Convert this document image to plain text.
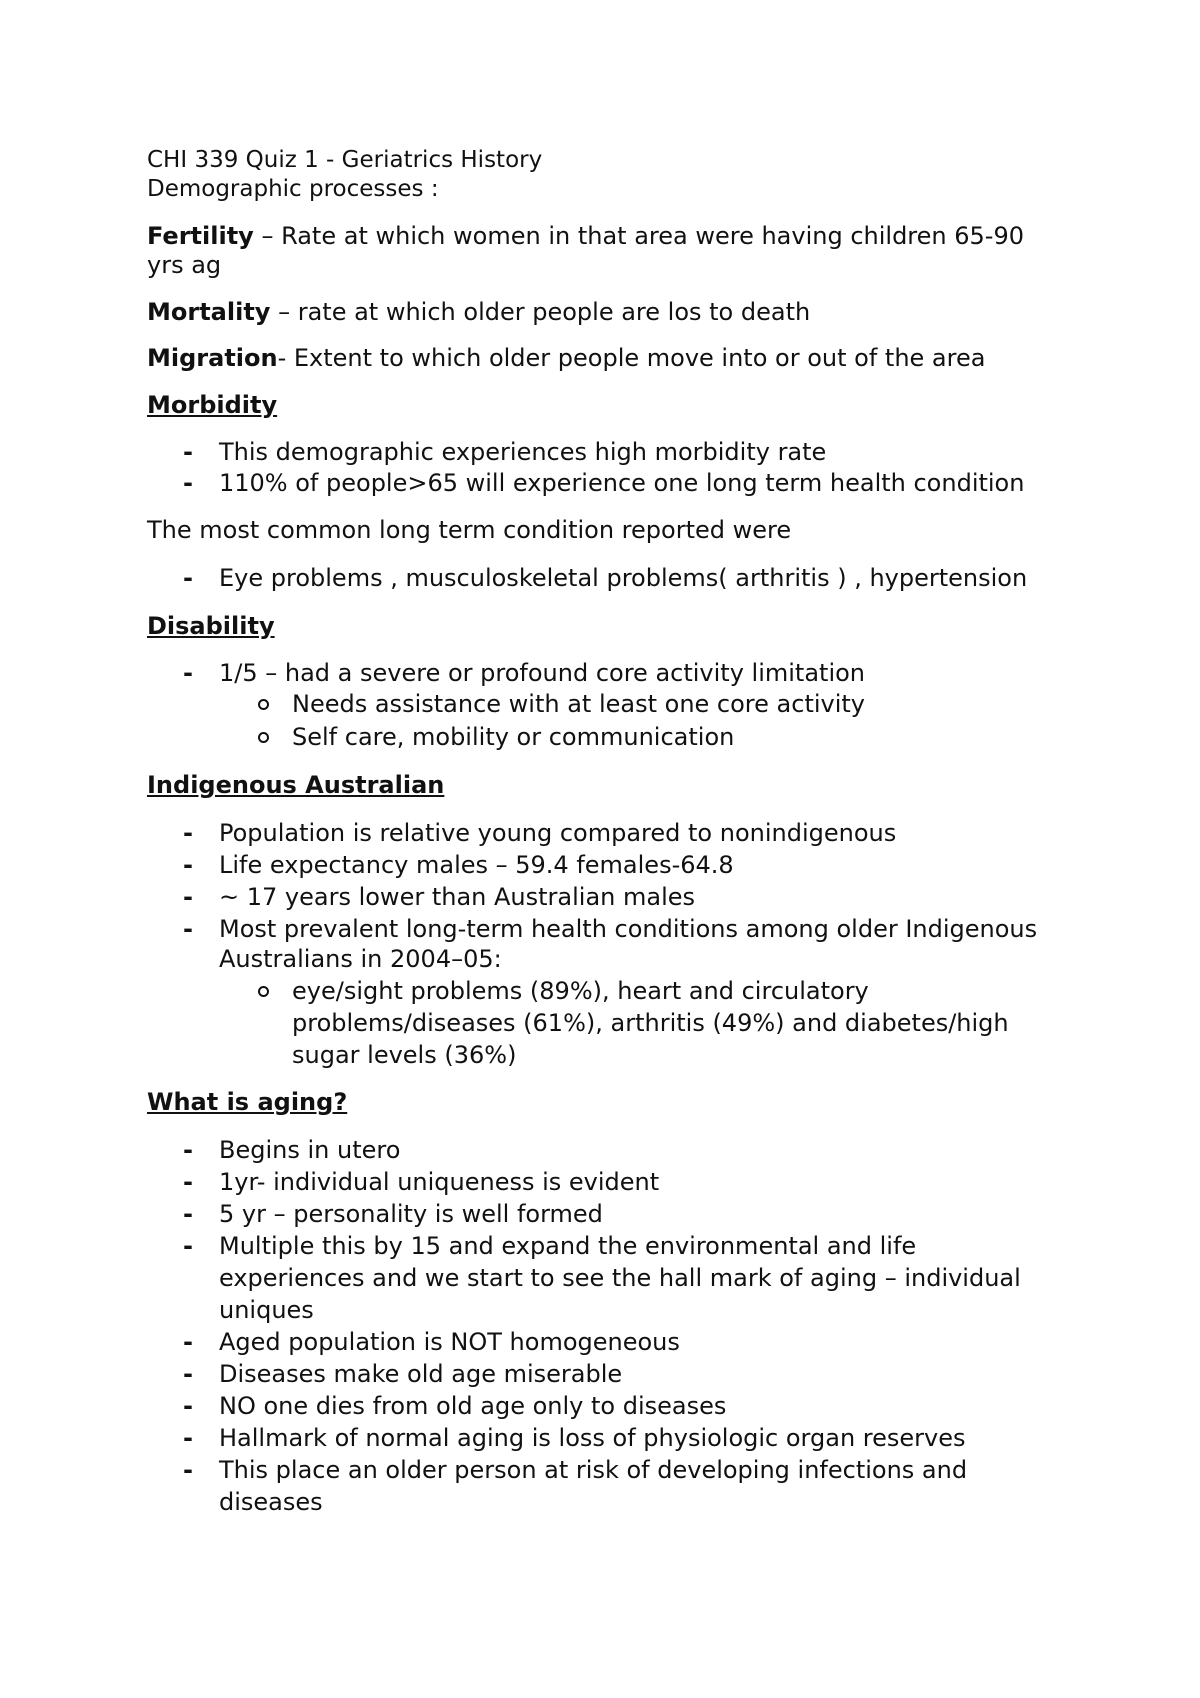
CHI 339 Quiz 1 - Geriatrics History
Demographic processes :
Fertility – Rate at which women in that area were having children 65-90
yrs ag
Mortality – rate at which older people are los to death
Migration- Extent to which older people move into or out of the area
Morbidity
- This demographic experiences high morbidity rate
- 110% of people>65 will experience one long term health condition
The most common long term condition reported were
- Eye problems , musculoskeletal problems( arthritis ) , hypertension
Disability
- 1/5 – had a severe or profound core activity limitation
Needs assistance with at least one core activity
Self care, mobility or communication
Indigenous Australian
- Population is relative young compared to nonindigenous
- Life expectancy males – 59.4 females-64.8
- ~ 17 years lower than Australian males
- Most prevalent long-term health conditions among older Indigenous
Australians in 2004–05:
eye/sight problems (89%), heart and circulatory
problems/diseases (61%), arthritis (49%) and diabetes/high
sugar levels (36%)
What is aging?
- Begins in utero
- 1yr- individual uniqueness is evident
- 5 yr – personality is well formed
- Multiple this by 15 and expand the environmental and life
experiences and we start to see the hall mark of aging – individual
uniques
- Aged population is NOT homogeneous
- Diseases make old age miserable
- NO one dies from old age only to diseases
- Hallmark of normal aging is loss of physiologic organ reserves
- This place an older person at risk of developing infections and
diseases
